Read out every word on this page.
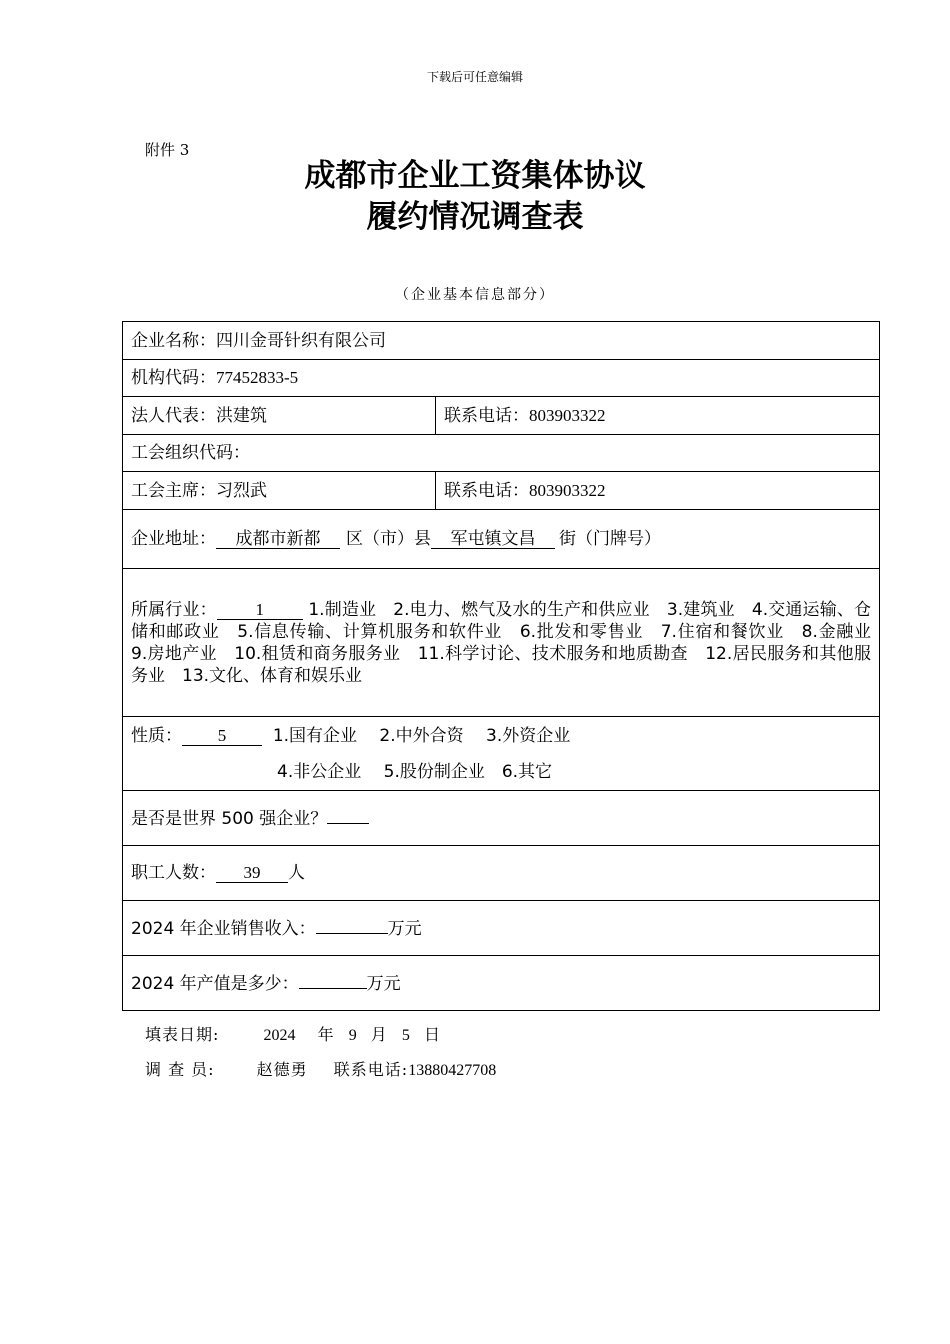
下载后可任意编辑
附件 3
成都市企业工资集体协议
履约情况调查表
（企业基本信息部分）
企业名称：四川金哥针织有限公司	
机构代码：77452833-5	
法人代表：洪建筑	联系电话：803903322
工会组织代码：	
工会主席：习烈武	联系电话：803903322
企业地址： 成都市新都 区（市）县 军屯镇文昌 街（门牌号）	
所属行业： 1 1.制造业　2.电力、燃气及水的生产和供应业　3.建筑业　4.交通运输、仓储和邮政业　5.信息传输、计算机服务和软件业　6.批发和零售业　7.住宿和餐饮业　8.金融业　9.房地产业　10.租赁和商务服务业　11.科学讨论、技术服务和地质勘查　12.居民服务和其他服务业　13.文化、体育和娱乐业	

性质： 5 1.国有企业　 2.中外合资　 3.外资企业
4.非公企业　 5.股份制企业　6.其它	

是否是世界 500 强企业？	
职工人数： 39 人	
2024 年企业销售收入： 万元	
2024 年产值是多少： 万元	
填表日期:	2024 年 9 月 5 日
调 查 员:	赵德勇 联系电话:13880427708
